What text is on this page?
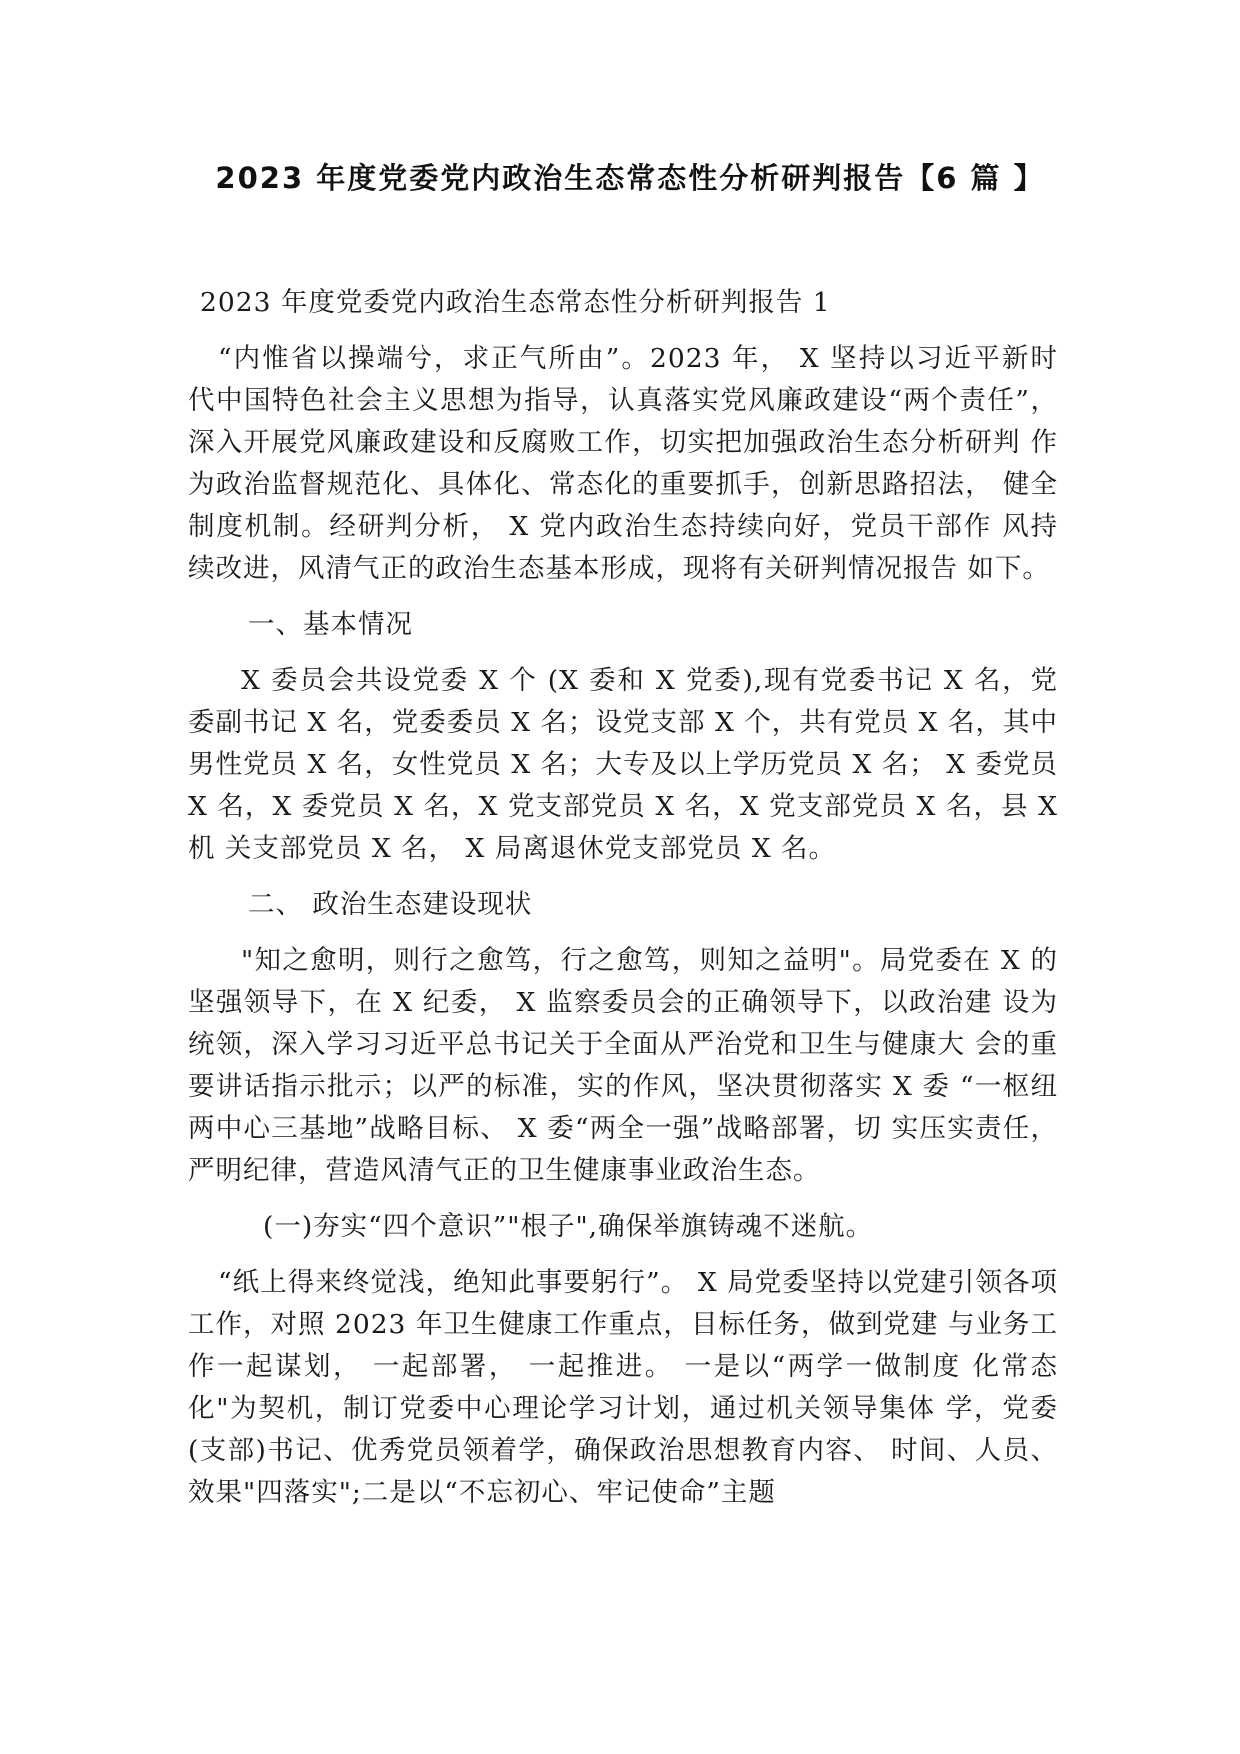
2023 年度党委党内政治生态常态性分析研判报告【6 篇 】

2023 年度党委党内政治生态常态性分析研判报告 1

“内惟省以操端兮，求正气所由”。2023 年， X 坚持以习近平新时 代中国特色社会主义思想为指导，认真落实党风廉政建设“两个责任”，深入开展党风廉政建设和反腐败工作，切实把加强政治生态分析研判 作为政治监督规范化、具体化、常态化的重要抓手，创新思路招法， 健全制度机制。经研判分析， X 党内政治生态持续向好，党员干部作 风持续改进，风清气正的政治生态基本形成，现将有关研判情况报告 如下。

一、基本情况

X 委员会共设党委 X 个 (X 委和 X 党委),现有党委书记 X 名，党 委副书记 X 名，党委委员 X 名；设党支部 X 个，共有党员 X 名，其中 男性党员 X 名，女性党员 X 名；大专及以上学历党员 X 名； X 委党员 X 名，X 委党员 X 名，X 党支部党员 X 名，X 党支部党员 X 名，县 X 机 关支部党员 X 名， X 局离退休党支部党员 X 名。

二、 政治生态建设现状

"知之愈明，则行之愈笃，行之愈笃，则知之益明"。局党委在 X 的坚强领导下，在 X 纪委， X 监察委员会的正确领导下，以政治建 设为统领，深入学习习近平总书记关于全面从严治党和卫生与健康大 会的重要讲话指示批示；以严的标准，实的作风，坚决贯彻落实 X 委 “一枢纽两中心三基地”战略目标、 X 委“两全一强”战略部署，切 实压实责任，严明纪律，营造风清气正的卫生健康事业政治生态。

(一)夯实“四个意识”"根子",确保举旗铸魂不迷航。

“纸上得来终觉浅，绝知此事要躬行”。 X 局党委坚持以党建引领各项工作，对照 2023 年卫生健康工作重点，目标任务，做到党建 与业务工作一起谋划， 一起部署， 一起推进。 一是以“两学一做制度 化常态化"为契机，制订党委中心理论学习计划，通过机关领导集体 学，党委(支部)书记、优秀党员领着学，确保政治思想教育内容、 时间、人员、效果"四落实";二是以“不忘初心、牢记使命”主题
